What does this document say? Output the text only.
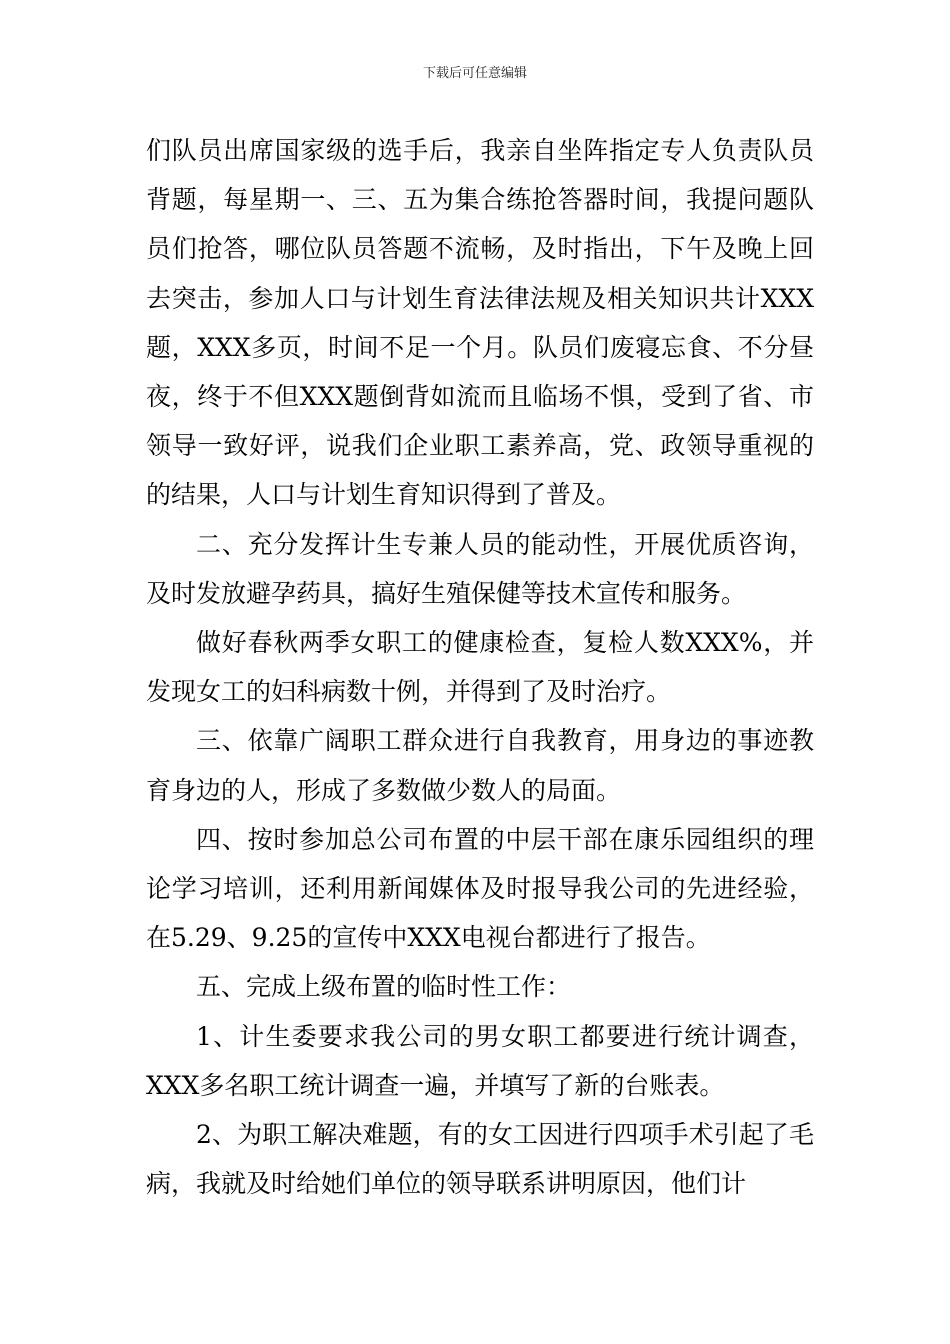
下载后可任意编辑

们队员出席国家级的选手后，我亲自坐阵指定专人负责队员背题，每星期一、三、五为集合练抢答器时间，我提问题队员们抢答，哪位队员答题不流畅，及时指出，下午及晚上回去突击，参加人口与计划生育法律法规及相关知识共计XXX题，XXX多页，时间不足一个月。队员们废寝忘食、不分昼夜，终于不但XXX题倒背如流而且临场不惧，受到了省、市领导一致好评，说我们企业职工素养高，党、政领导重视的的结果，人口与计划生育知识得到了普及。

二、充分发挥计生专兼人员的能动性，开展优质咨询，及时发放避孕药具，搞好生殖保健等技术宣传和服务。

做好春秋两季女职工的健康检查，复检人数XXX%，并发现女工的妇科病数十例，并得到了及时治疗。

三、依靠广阔职工群众进行自我教育，用身边的事迹教育身边的人，形成了多数做少数人的局面。

四、按时参加总公司布置的中层干部在康乐园组织的理论学习培训，还利用新闻媒体及时报导我公司的先进经验，在5.29、9.25的宣传中XXX电视台都进行了报告。

五、完成上级布置的临时性工作：

1、计生委要求我公司的男女职工都要进行统计调查，XXX多名职工统计调查一遍，并填写了新的台账表。

2、为职工解决难题，有的女工因进行四项手术引起了毛病，我就及时给她们单位的领导联系讲明原因，他们计
